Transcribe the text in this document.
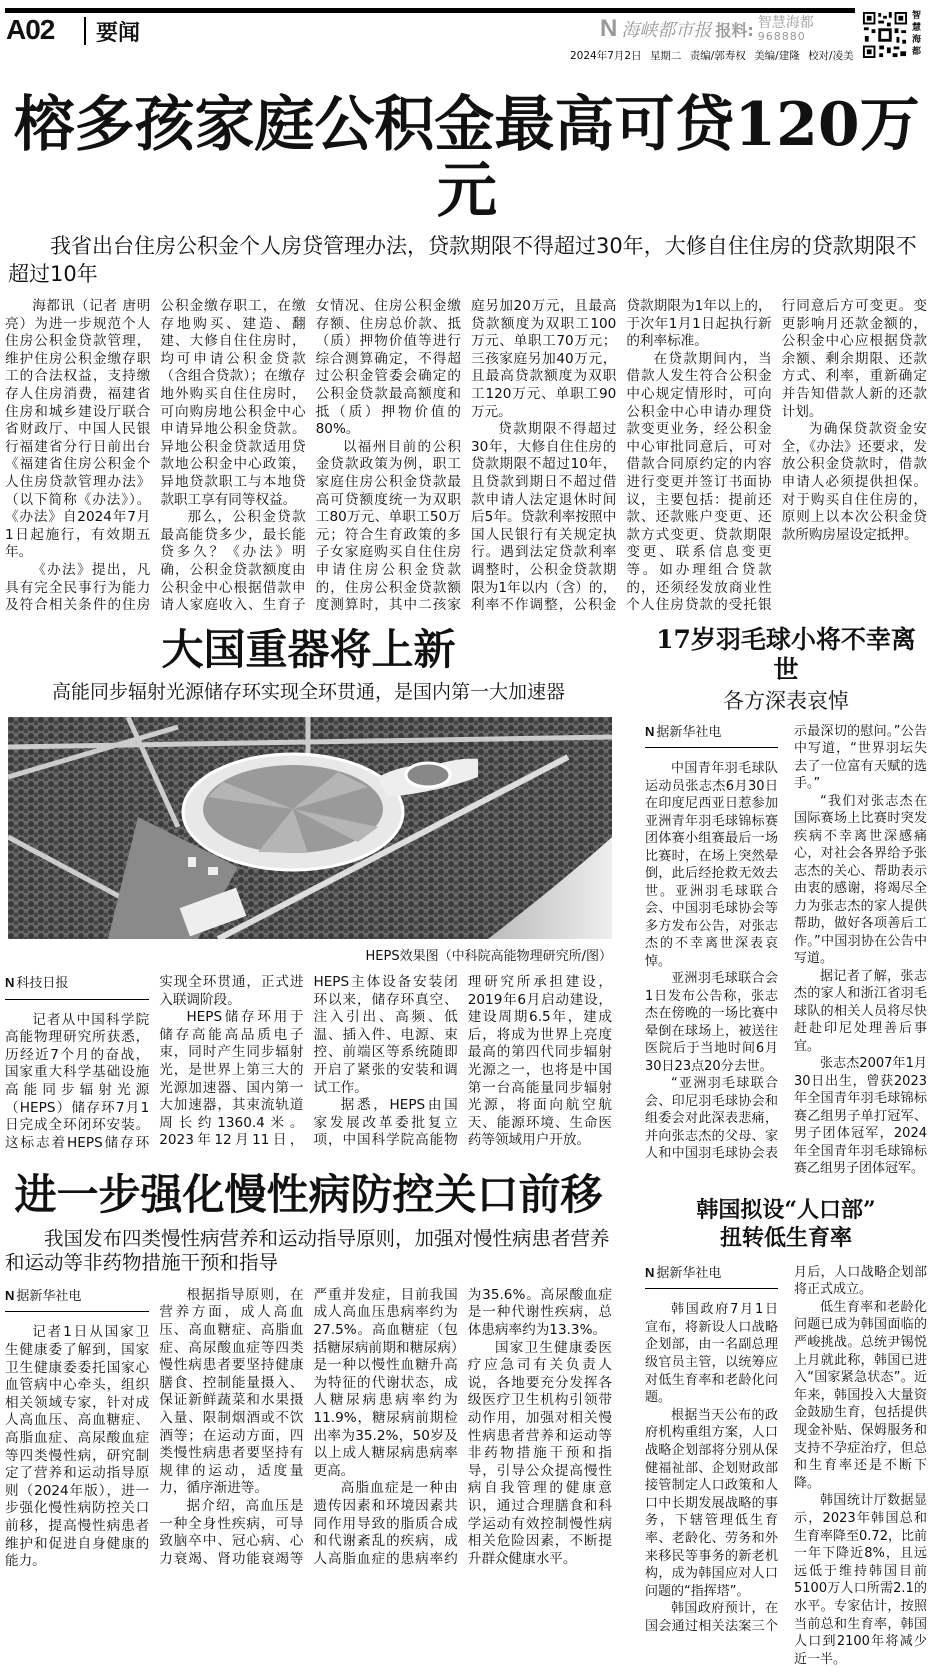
A02 要闻	N 海峡都市报 报料: 智慧海都
968880
2024年7月2日 星期二 责编/郭寿权 美编/建隆 校对/凌美
智
慧
海
都
榕多孩家庭公积金最高可贷120万元
我省出台住房公积金个人房贷管理办法，贷款期限不得超过30年，大修自住住房的贷款期限不超过10年

海都讯（记者 唐明亮）为进一步规范个人住房公积金贷款管理，维护住房公积金缴存职工的合法权益，支持缴存人住房消费，福建省住房和城乡建设厅联合省财政厅、中国人民银行福建省分行日前出台《福建省住房公积金个人住房贷款管理办法》（以下简称《办法》）。《办法》自2024年7月1日起施行，有效期五年。

《办法》提出，凡具有完全民事行为能力及符合相关条件的住房公积金缴存职工，在缴存地购买、建造、翻建、大修自住住房时，均可申请公积金贷款（含组合贷款）；在缴存地外购买自住住房时，可向购房地公积金中心申请异地公积金贷款。异地公积金贷款适用贷款地公积金中心政策，异地贷款职工与本地贷款职工享有同等权益。

那么，公积金贷款最高能贷多少，最长能贷多久？《办法》明确，公积金贷款额度由公积金中心根据借款申请人家庭收入、生育子女情况、住房公积金缴存额、住房总价款、抵（质）押物价值等进行综合测算确定，不得超过公积金管委会确定的公积金贷款最高额度和抵（质）押物价值的80%。

以福州目前的公积金贷款政策为例，职工家庭住房公积金贷款最高可贷额度统一为双职工80万元、单职工50万元；符合生育政策的多子女家庭购买自住住房申请住房公积金贷款的，住房公积金贷款额度测算时，其中二孩家庭另加20万元，且最高贷款额度为双职工100万元、单职工70万元；三孩家庭另加40万元，且最高贷款额度为双职工120万元、单职工90万元。

贷款期限不得超过30年，大修自住住房的贷款期限不超过10年，且贷款到期日不超过借款申请人法定退休时间后5年。贷款利率按照中国人民银行有关规定执行。遇到法定贷款利率调整时，公积金贷款期限为1年以内（含）的，利率不作调整，公积金贷款期限为1年以上的，于次年1月1日起执行新的利率标准。

在贷款期间内，当借款人发生符合公积金中心规定情形时，可向公积金中心申请办理贷款变更业务，经公积金中心审批同意后，可对借款合同原约定的内容进行变更并签订书面协议，主要包括：提前还款、还款账户变更、还款方式变更、贷款期限变更、联系信息变更等。如办理组合贷款的，还须经发放商业性个人住房贷款的受托银行同意后方可变更。变更影响月还款金额的，公积金中心应根据贷款余额、剩余期限、还款方式、利率，重新确定并告知借款人新的还款计划。

为确保贷款资金安全，《办法》还要求，发放公积金贷款时，借款申请人必须提供担保。对于购买自住住房的，原则上以本次公积金贷款所购房屋设定抵押。

大国重器将上新
高能同步辐射光源储存环实现全环贯通，是国内第一大加速器
HEPS效果图（中科院高能物理研究所/图）
N 科技日报

记者从中国科学院高能物理研究所获悉，历经近7个月的奋战，国家重大科学基础设施高能同步辐射光源（HEPS）储存环7月1日完成全环闭环安装。这标志着HEPS储存环实现全环贯通，正式进入联调阶段。

HEPS储存环用于储存高能高品质电子束，同时产生同步辐射光，是世界上第三大的光源加速器、国内第一大加速器，其束流轨道周长约1360.4米。2023年12月11日，HEPS主体设备安装闭环以来，储存环真空、注入引出、高频、低温、插入件、电源、束控、前端区等系统随即开启了紧张的安装和调试工作。

据悉，HEPS由国家发展改革委批复立项，中国科学院高能物理研究所承担建设，2019年6月启动建设，建设周期6.5年，建成后，将成为世界上亮度最高的第四代同步辐射光源之一，也将是中国第一台高能量同步辐射光源，将面向航空航天、能源环境、生命医药等领域用户开放。

进一步强化慢性病防控关口前移
我国发布四类慢性病营养和运动指导原则，加强对慢性病患者营养和运动等非药物措施干预和指导
N 据新华社电

记者1日从国家卫生健康委了解到，国家卫生健康委委托国家心血管病中心牵头，组织相关领域专家，针对成人高血压、高血糖症、高脂血症、高尿酸血症等四类慢性病，研究制定了营养和运动指导原则（2024年版），进一步强化慢性病防控关口前移，提高慢性病患者维护和促进自身健康的能力。

根据指导原则，在营养方面，成人高血压、高血糖症、高脂血症、高尿酸血症等四类慢性病患者要坚持健康膳食、控制能量摄入、保证新鲜蔬菜和水果摄入量、限制烟酒或不饮酒等；在运动方面，四类慢性病患者要坚持有规律的运动，适度量力，循序渐进等。

据介绍，高血压是一种全身性疾病，可导致脑卒中、冠心病、心力衰竭、肾功能衰竭等严重并发症，目前我国成人高血压患病率约为27.5%。高血糖症（包括糖尿病前期和糖尿病）是一种以慢性血糖升高为特征的代谢状态，成人糖尿病患病率约为11.9%，糖尿病前期检出率为35.2%，50岁及以上成人糖尿病患病率更高。

高脂血症是一种由遗传因素和环境因素共同作用导致的脂质合成和代谢紊乱的疾病，成人高脂血症的患病率约为35.6%。高尿酸血症是一种代谢性疾病，总体患病率约为13.3%。

国家卫生健康委医疗应急司有关负责人说，各地要充分发挥各级医疗卫生机构引领带动作用，加强对相关慢性病患者营养和运动等非药物措施干预和指导，引导公众提高慢性病自我管理的健康意识，通过合理膳食和科学运动有效控制慢性病相关危险因素，不断提升群众健康水平。

17岁羽毛球小将不幸离世
各方深表哀悼
N 据新华社电

中国青年羽毛球队运动员张志杰6月30日在印度尼西亚日惹参加亚洲青年羽毛球锦标赛团体赛小组赛最后一场比赛时，在场上突然晕倒，此后经抢救无效去世。亚洲羽毛球联合会、中国羽毛球协会等多方发布公告，对张志杰的不幸离世深表哀悼。

亚洲羽毛球联合会1日发布公告称，张志杰在傍晚的一场比赛中晕倒在球场上，被送往医院后于当地时间6月30日23点20分去世。

“亚洲羽毛球联合会、印尼羽毛球协会和组委会对此深表悲痛，并向张志杰的父母、家人和中国羽毛球协会表示最深切的慰问。”公告中写道，“世界羽坛失去了一位富有天赋的选手。”

“我们对张志杰在国际赛场上比赛时突发疾病不幸离世深感痛心，对社会各界给予张志杰的关心、帮助表示由衷的感谢，将竭尽全力为张志杰的家人提供帮助，做好各项善后工作。”中国羽协在公告中写道。

据记者了解，张志杰的家人和浙江省羽毛球队的相关人员将尽快赶赴印尼处理善后事宜。

张志杰2007年1月30日出生，曾获2023年全国青年羽毛球锦标赛乙组男子单打冠军、男子团体冠军，2024年全国青年羽毛球锦标赛乙组男子团体冠军。

韩国拟设“人口部”
扭转低生育率
N 据新华社电

韩国政府7月1日宣布，将新设人口战略企划部，由一名副总理级官员主管，以统筹应对低生育率和老龄化问题。

根据当天公布的政府机构重组方案，人口战略企划部将分别从保健福祉部、企划财政部接管制定人口政策和人口中长期发展战略的事务，下辖管理低生育率、老龄化、劳务和外来移民等事务的新老机构，成为韩国应对人口问题的“指挥塔”。

韩国政府预计，在国会通过相关法案三个月后，人口战略企划部将正式成立。

低生育率和老龄化问题已成为韩国面临的严峻挑战。总统尹锡悦上月就此称，韩国已进入“国家紧急状态”。近年来，韩国投入大量资金鼓励生育，包括提供现金补贴、保姆服务和支持不孕症治疗，但总和生育率还是不断下降。

韩国统计厅数据显示，2023年韩国总和生育率降至0.72，比前一年下降近8%，且远远低于维持韩国目前5100万人口所需2.1的水平。专家估计，按照当前总和生育率，韩国人口到2100年将减少近一半。
